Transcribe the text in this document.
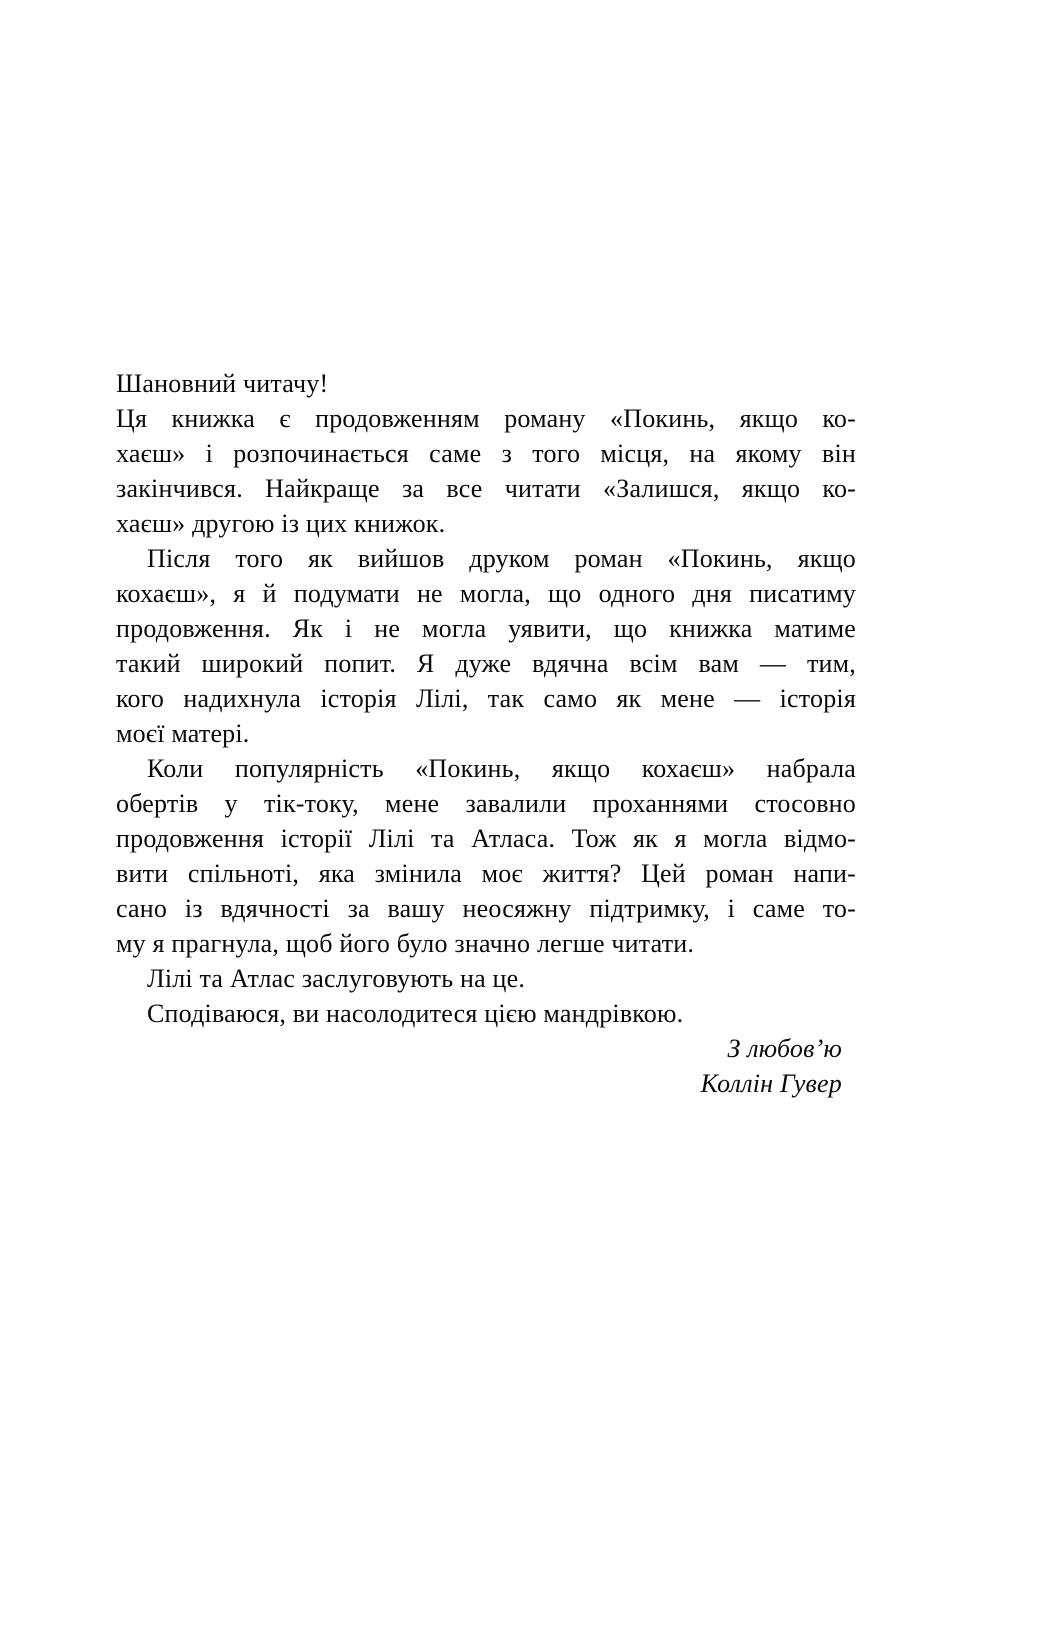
Шановний читачу!
Ця книжка є продовженням роману «Покинь, якщо ко-
хаєш» і розпочинається саме з того місця, на якому він
закінчився. Найкраще за все читати «Залишся, якщо ко-
хаєш» другою із цих книжок.
Після того як вийшов друком роман «Покинь, якщо
кохаєш», я й подумати не могла, що одного дня писатиму
продовження. Як і не могла уявити, що книжка матиме
такий широкий попит. Я дуже вдячна всім вам — тим,
кого надихнула історія Лілі, так само як мене — історія
моєї матері.
Коли популярність «Покинь, якщо кохаєш» набрала
обертів у тік-току, мене завалили проханнями стосовно
продовження історії Лілі та Атласа. Тож як я могла відмо-
вити спільноті, яка змінила моє життя? Цей роман напи-
сано із вдячності за вашу неосяжну підтримку, і саме то-
му я прагнула, щоб його було значно легше читати.
Лілі та Атлас заслуговують на це.
Сподіваюся, ви насолодитеся цією мандрівкою.
З любов’ю
Коллін Гувер
